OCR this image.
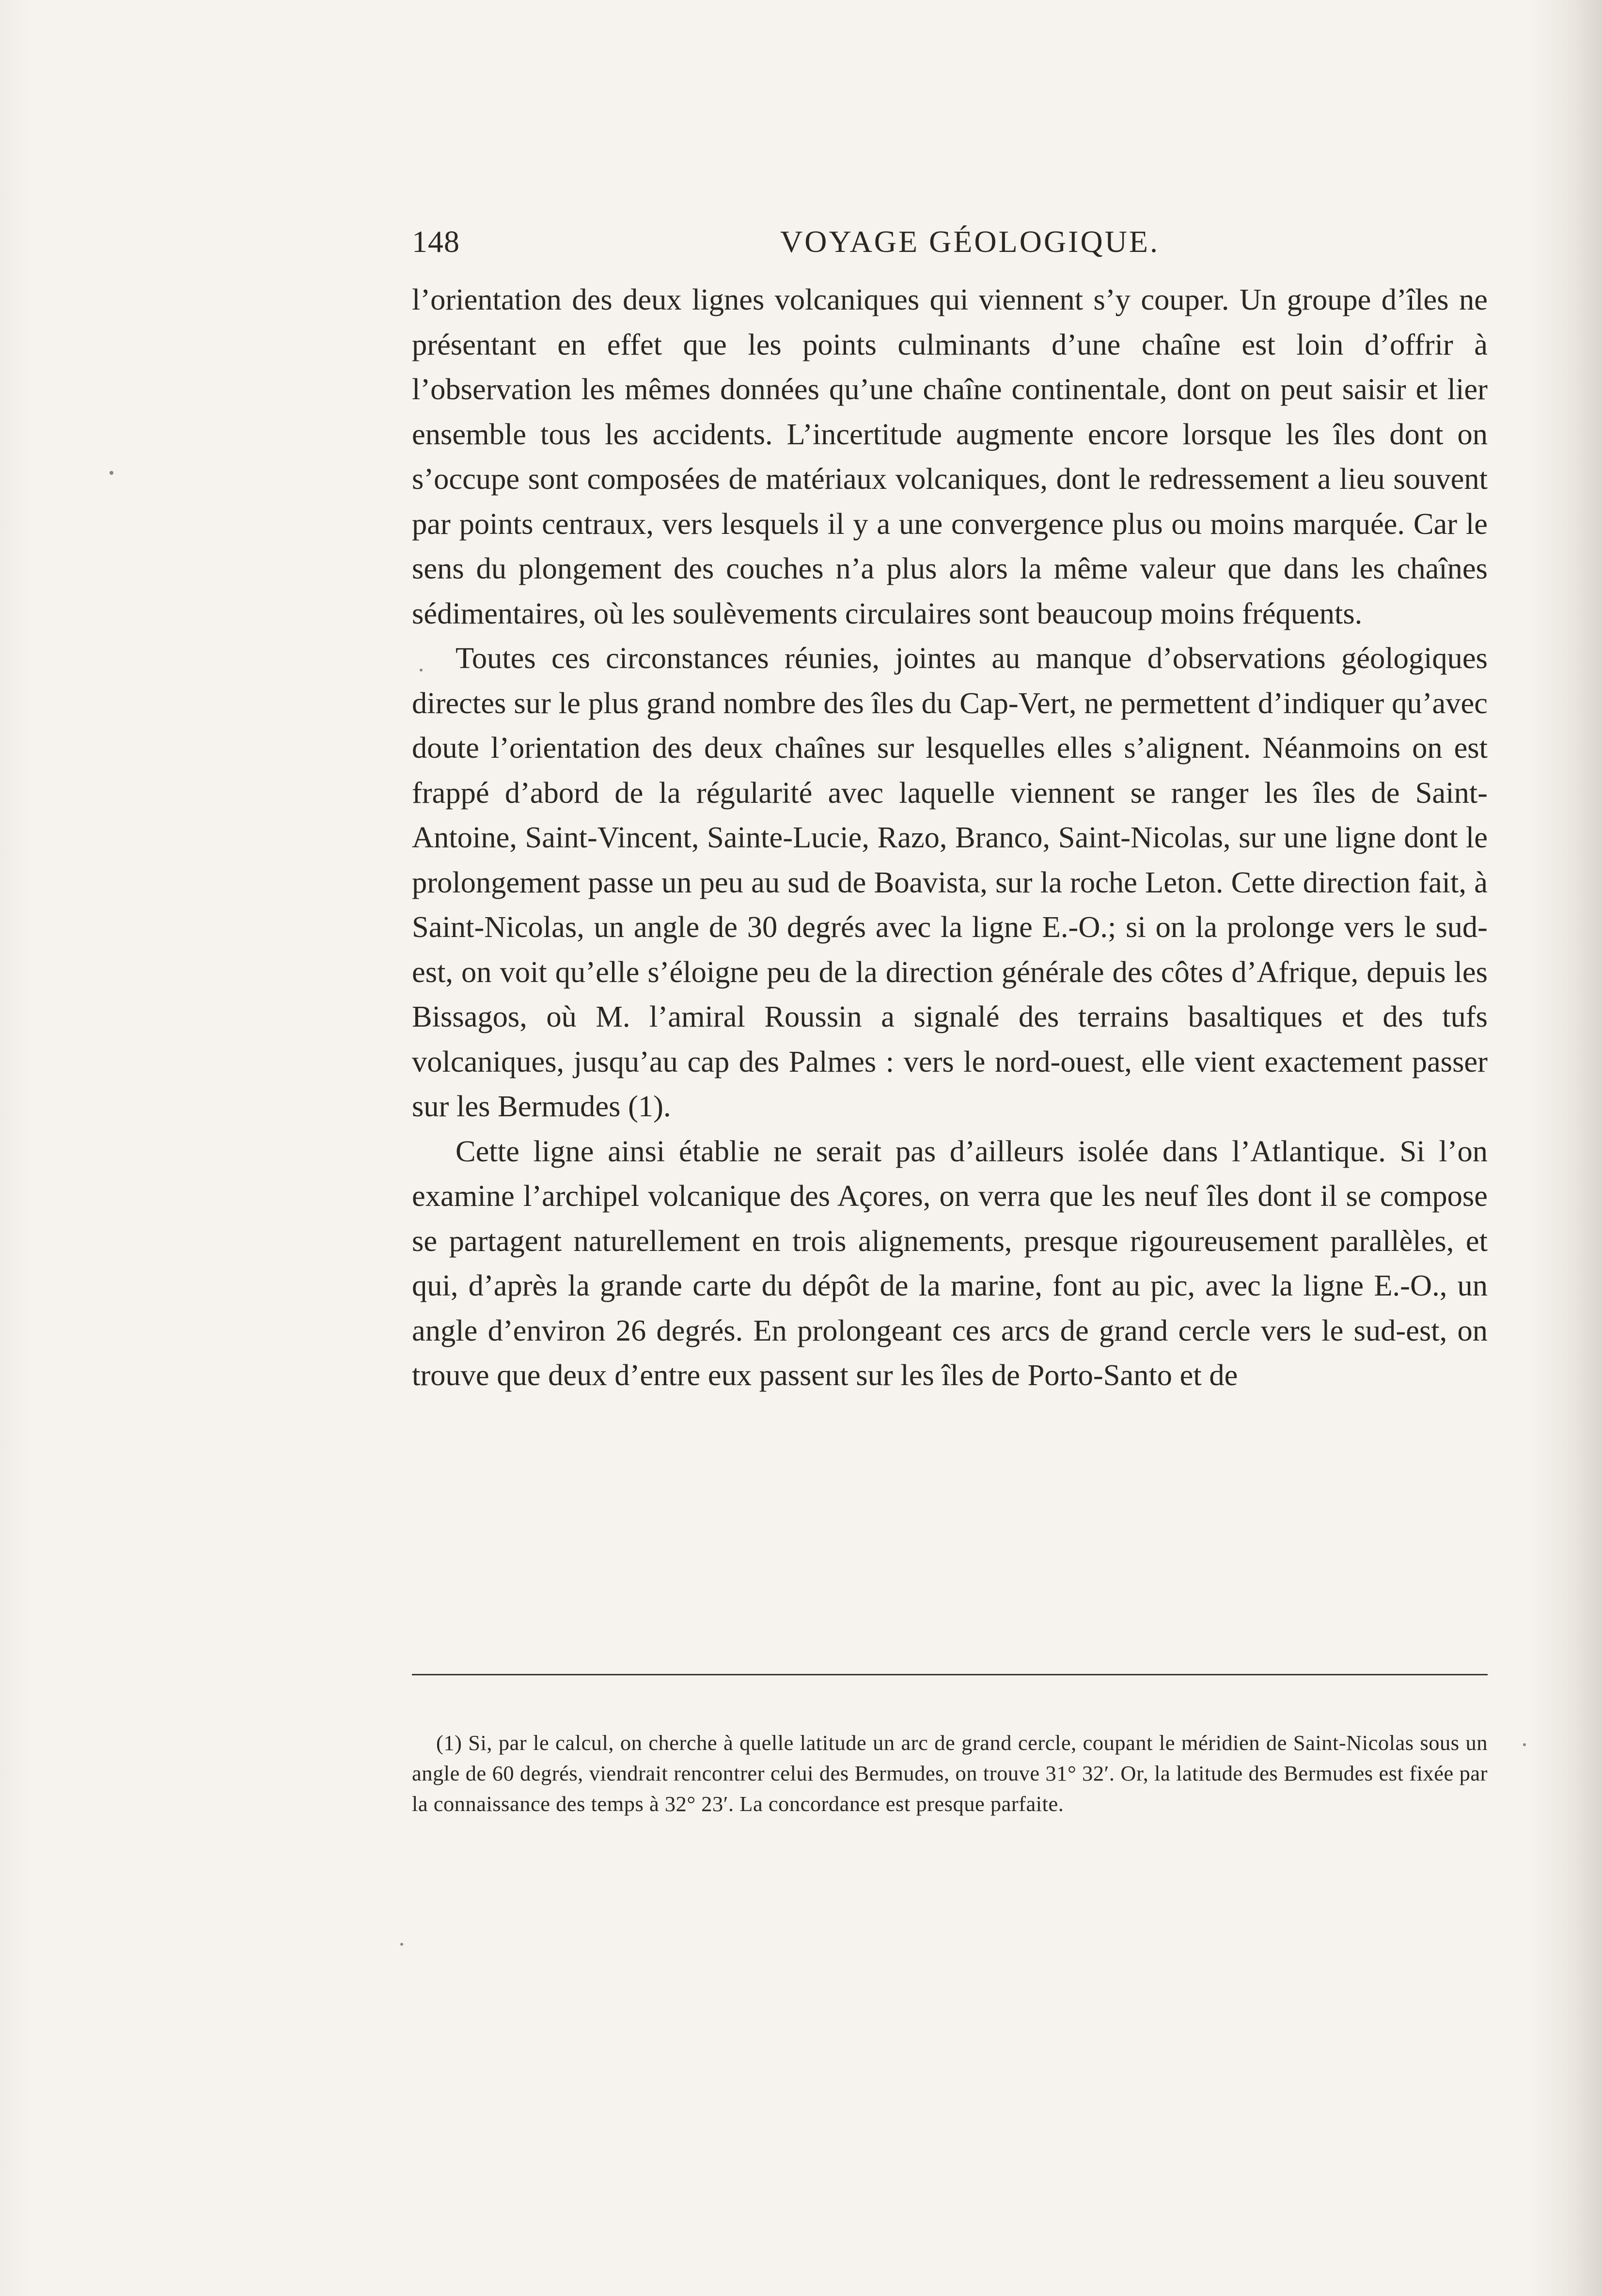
148	VOYAGE GÉOLOGIQUE.

l’orientation des deux lignes volcaniques qui viennent s’y couper. Un groupe d’îles ne présentant en effet que les points culminants d’une chaîne est loin d’offrir à l’observation les mêmes données qu’une chaîne continentale, dont on peut saisir et lier ensemble tous les accidents. L’incertitude augmente encore lorsque les îles dont on s’occupe sont composées de matériaux volcaniques, dont le redressement a lieu souvent par points centraux, vers lesquels il y a une convergence plus ou moins marquée. Car le sens du plongement des couches n’a plus alors la même valeur que dans les chaînes sédimentaires, où les soulèvements circulaires sont beaucoup moins fréquents.

Toutes ces circonstances réunies, jointes au manque d’observations géologiques directes sur le plus grand nombre des îles du Cap-Vert, ne permettent d’indiquer qu’avec doute l’orientation des deux chaînes sur lesquelles elles s’alignent. Néanmoins on est frappé d’abord de la régularité avec laquelle viennent se ranger les îles de Saint-Antoine, Saint-Vincent, Sainte-Lucie, Razo, Branco, Saint-Nicolas, sur une ligne dont le prolongement passe un peu au sud de Boavista, sur la roche Leton. Cette direction fait, à Saint-Nicolas, un angle de 30 degrés avec la ligne E.-O.; si on la prolonge vers le sud-est, on voit qu’elle s’éloigne peu de la direction générale des côtes d’Afrique, depuis les Bissagos, où M. l’amiral Roussin a signalé des terrains basaltiques et des tufs volcaniques, jusqu’au cap des Palmes : vers le nord-ouest, elle vient exactement passer sur les Bermudes (1).

Cette ligne ainsi établie ne serait pas d’ailleurs isolée dans l’Atlantique. Si l’on examine l’archipel volcanique des Açores, on verra que les neuf îles dont il se compose se partagent naturellement en trois alignements, presque rigoureusement parallèles, et qui, d’après la grande carte du dépôt de la marine, font au pic, avec la ligne E.-O., un angle d’environ 26 degrés. En prolongeant ces arcs de grand cercle vers le sud-est, on trouve que deux d’entre eux passent sur les îles de Porto-Santo et de

(1) Si, par le calcul, on cherche à quelle latitude un arc de grand cercle, coupant le méridien de Saint-Nicolas sous un angle de 60 degrés, viendrait rencontrer celui des Bermudes, on trouve 31° 32′. Or, la latitude des Bermudes est fixée par la connaissance des temps à 32° 23′. La concordance est presque parfaite.
